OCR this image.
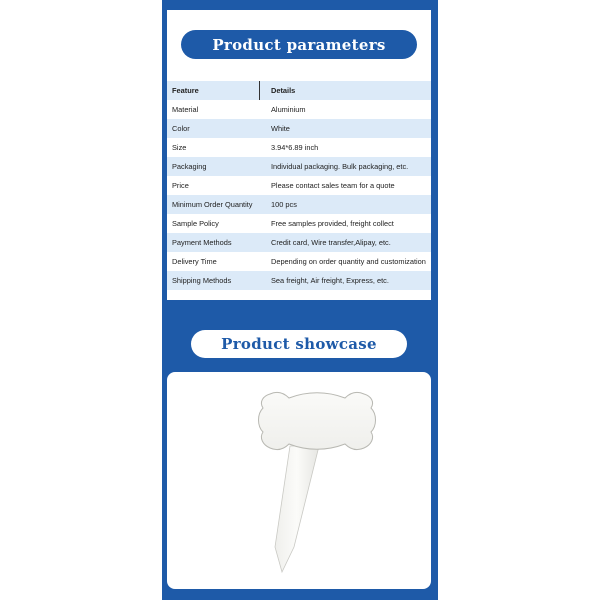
Product parameters
Feature	Details
Material	Aluminium
Color	White
Size	3.94*6.89 inch
Packaging	Individual packaging. Bulk packaging, etc.
Price	Please contact sales team for a quote
Minimum Order Quantity	100 pcs
Sample Policy	Free samples provided, freight collect
Payment Methods	Credit card, Wire transfer,Alipay, etc.
Delivery Time	Depending on order quantity and customization
Shipping Methods	Sea freight, Air freight, Express, etc.
Product showcase
